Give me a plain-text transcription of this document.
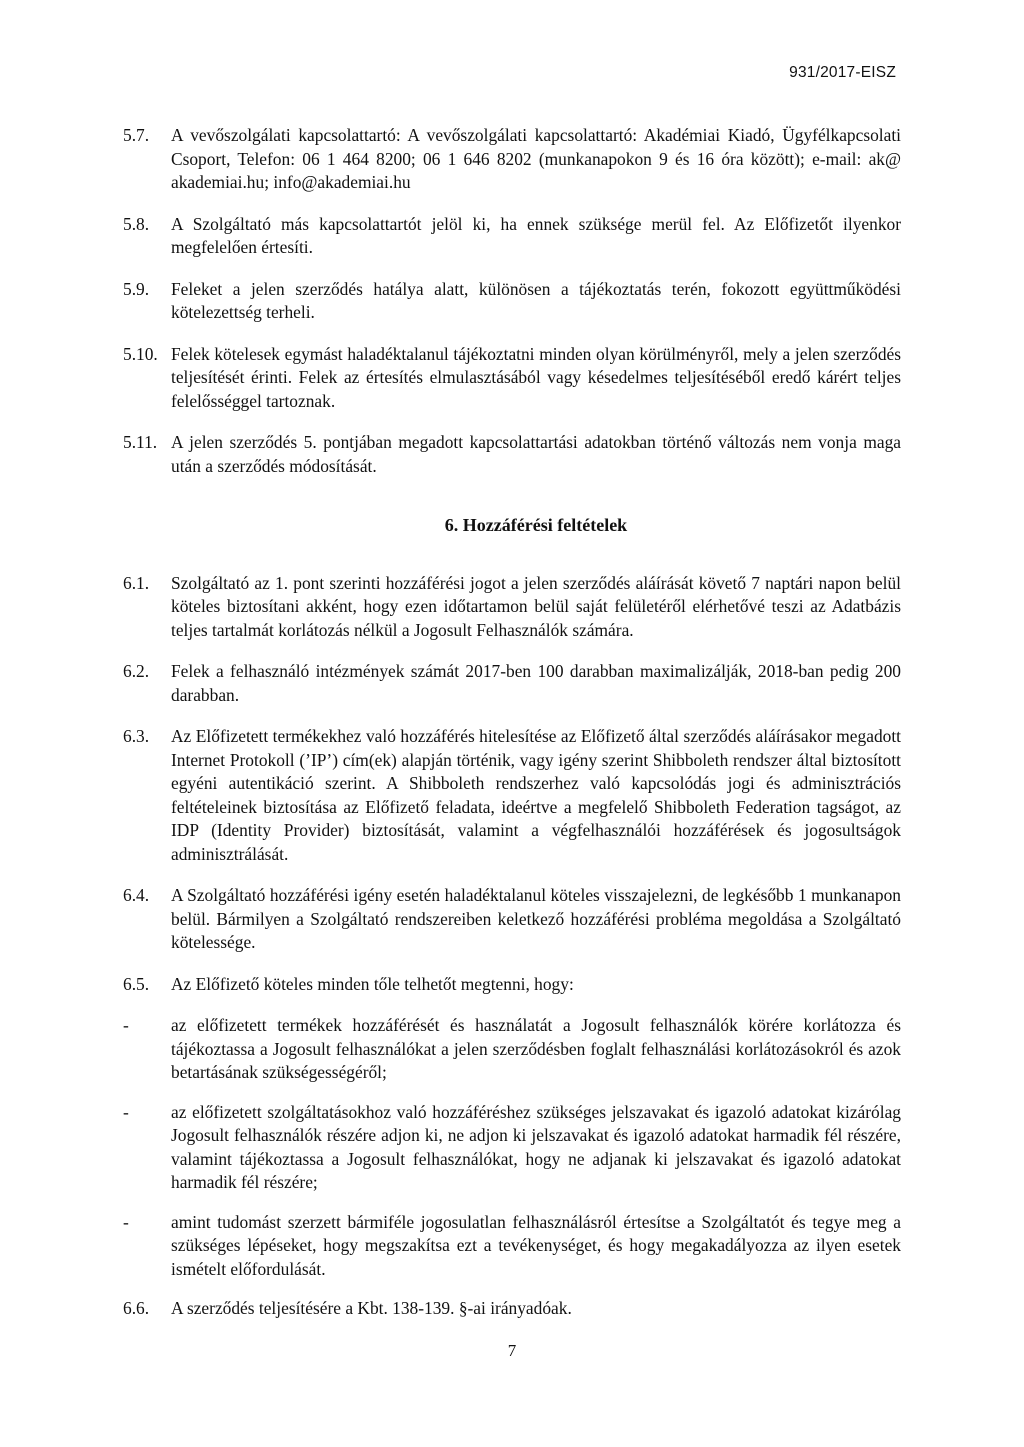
931/2017-EISZ
5.7.	A vevőszolgálati kapcsolattartó: A vevőszolgálati kapcsolattartó: Akadémiai Kiadó, Ügyfélkapcsolati Csoport, Telefon: 06 1 464 8200; 06 1 646 8202 (munkanapokon 9 és 16 óra között); e-mail: ak@ akademiai.hu; info@akademiai.hu
5.8.	A Szolgáltató más kapcsolattartót jelöl ki, ha ennek szüksége merül fel. Az Előfizetőt ilyenkor megfelelően értesíti.
5.9.	Feleket a jelen szerződés hatálya alatt, különösen a tájékoztatás terén, fokozott együttműködési kötelezettség terheli.
5.10. Felek kötelesek egymást haladéktalanul tájékoztatni minden olyan körülményről, mely a jelen szerződés teljesítését érinti. Felek az értesítés elmulasztásából vagy késedelmes teljesítéséből eredő kárért teljes felelősséggel tartoznak.
5.11. A jelen szerződés 5. pontjában megadott kapcsolattartási adatokban történő változás nem vonja maga után a szerződés módosítását.
6. Hozzáférési feltételek
6.1.	Szolgáltató az 1. pont szerinti hozzáférési jogot a jelen szerződés aláírását követő 7 naptári napon belül köteles biztosítani akként, hogy ezen időtartamon belül saját felületéről elérhetővé teszi az Adatbázis teljes tartalmát korlátozás nélkül a Jogosult Felhasználók számára.
6.2.	Felek a felhasználó intézmények számát 2017-ben 100 darabban maximalizálják, 2018-ban pedig 200 darabban.
6.3.	Az Előfizetett termékekhez való hozzáférés hitelesítése az Előfizető által szerződés aláírásakor megadott Internet Protokoll (’IP’) cím(ek) alapján történik, vagy igény szerint Shibboleth rendszer által biztosított egyéni autentikáció szerint. A Shibboleth rendszerhez való kapcsolódás jogi és adminisztrációs feltételeinek biztosítása az Előfizető feladata, ideértve a megfelelő Shibboleth Federation tagságot, az IDP (Identity Provider) biztosítását, valamint a végfelhasználói hozzáférések és jogosultságok adminisztrálását.
6.4.	A Szolgáltató hozzáférési igény esetén haladéktalanul köteles visszajelezni, de legkésőbb 1 munkanapon belül. Bármilyen a Szolgáltató rendszereiben keletkező hozzáférési probléma megoldása a Szolgáltató kötelessége.
6.5.	Az Előfizető köteles minden tőle telhetőt megtenni, hogy:
-	az előfizetett termékek hozzáférését és használatát a Jogosult felhasználók körére korlátozza és tájékoztassa a Jogosult felhasználókat a jelen szerződésben foglalt felhasználási korlátozásokról és azok betartásának szükségességéről;
-	az előfizetett szolgáltatásokhoz való hozzáféréshez szükséges jelszavakat és igazoló adatokat kizárólag Jogosult felhasználók részére adjon ki, ne adjon ki jelszavakat és igazoló adatokat harmadik fél részére, valamint tájékoztassa a Jogosult felhasználókat, hogy ne adjanak ki jelszavakat és igazoló adatokat harmadik fél részére;
-	amint tudomást szerzett bármiféle jogosulatlan felhasználásról értesítse a Szolgáltatót és tegye meg a szükséges lépéseket, hogy megszakítsa ezt a tevékenységet, és hogy megakadályozza az ilyen esetek ismételt előfordulását.
6.6.	A szerződés teljesítésére a Kbt. 138-139. §-ai irányadóak.
7
